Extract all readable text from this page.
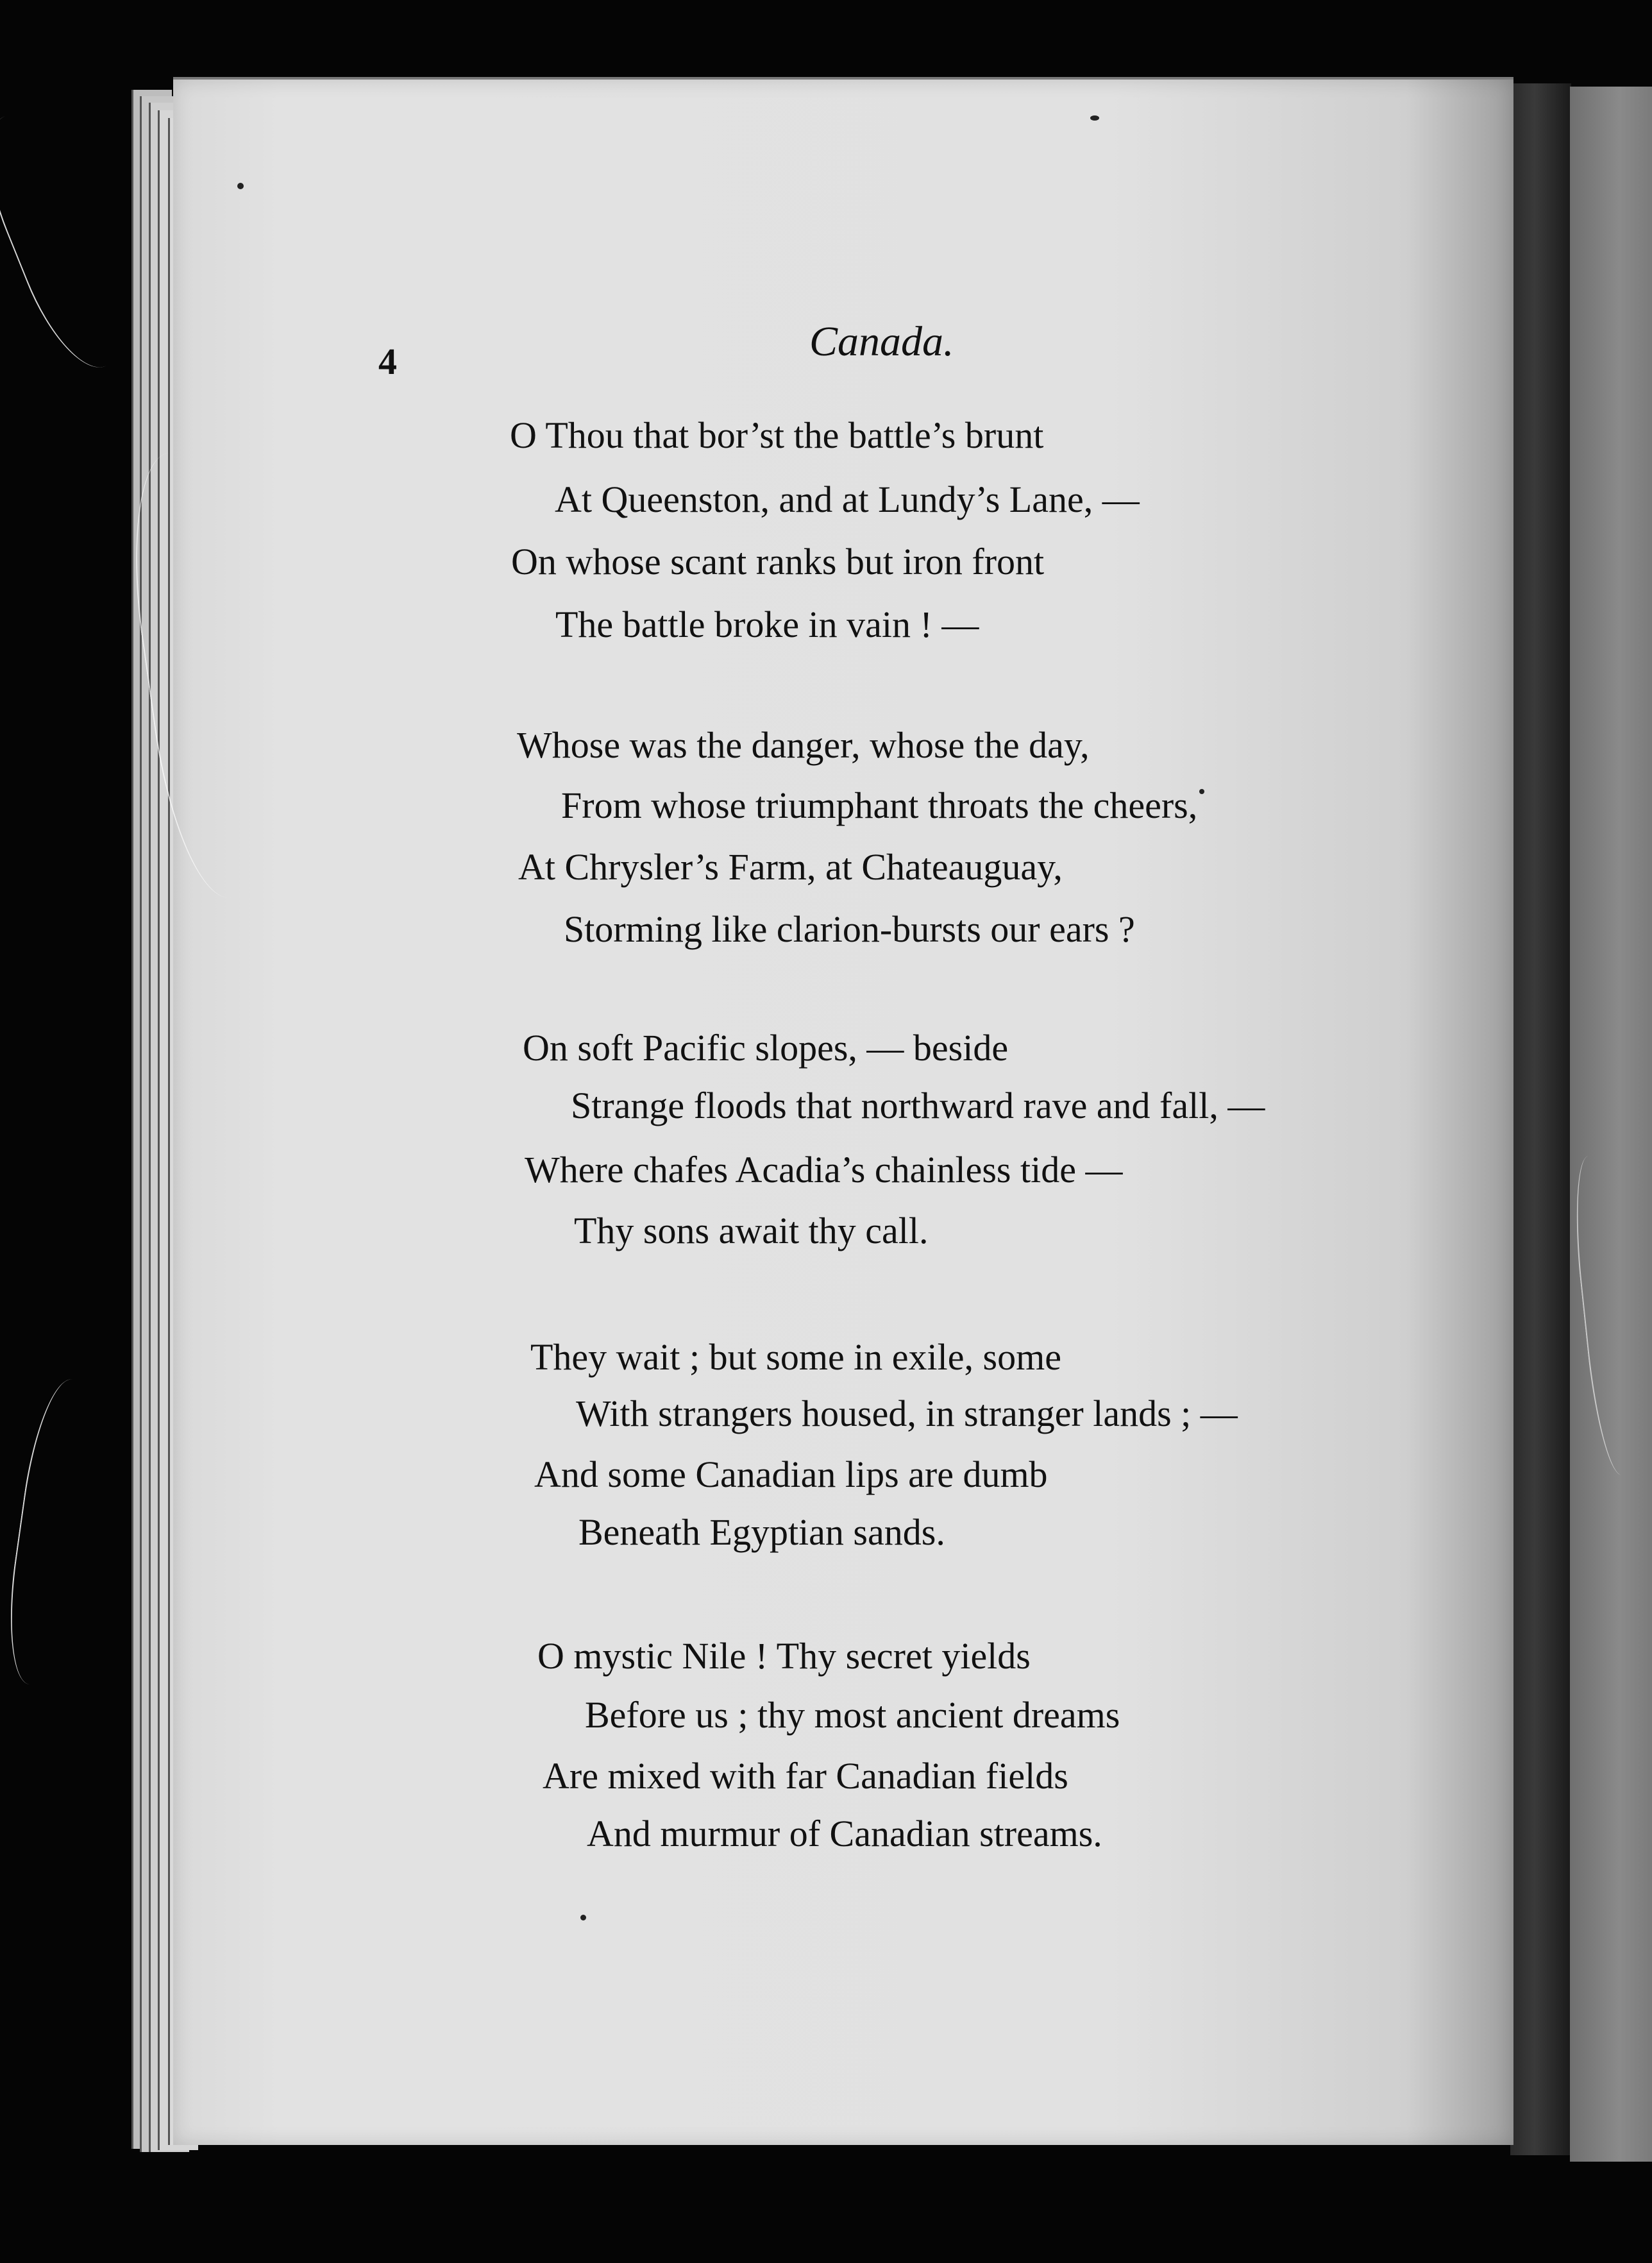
4	Canada.
O Thou that bor’st the battle’s brunt
At Queenston, and at Lundy’s Lane, —
On whose scant ranks but iron front
The battle broke in vain ! —
Whose was the danger, whose the day,
From whose triumphant throats the cheers,
At Chrysler’s Farm, at Chateauguay,
Storming like clarion-bursts our ears ?
On soft Pacific slopes, — beside
Strange floods that northward rave and fall, —
Where chafes Acadia’s chainless tide —
Thy sons await thy call.
They wait ; but some in exile, some
With strangers housed, in stranger lands ; —
And some Canadian lips are dumb
Beneath Egyptian sands.
O mystic Nile ! Thy secret yields
Before us ; thy most ancient dreams
Are mixed with far Canadian fields
And murmur of Canadian streams.
